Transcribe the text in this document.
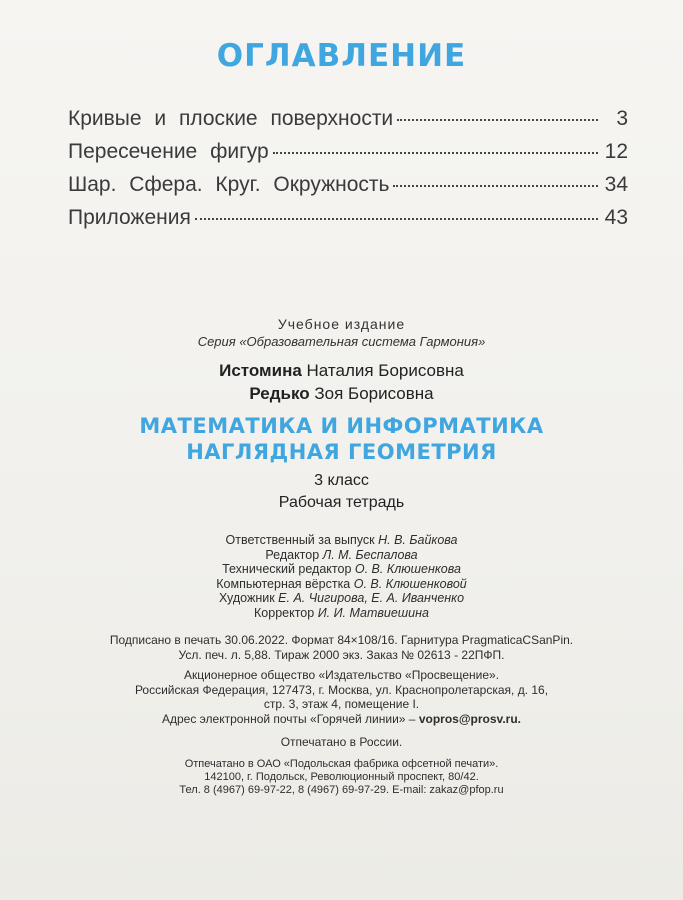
ОГЛАВЛЕНИЕ
Кривые и плоские поверхности	3
Пересечение фигур	12
Шар. Сфера. Круг. Окружность	34
Приложения	43
Учебное издание
Серия «Образовательная система Гармония»
Истомина Наталия Борисовна
Редько Зоя Борисовна
МАТЕМАТИКА И ИНФОРМАТИКА
НАГЛЯДНАЯ ГЕОМЕТРИЯ
3 класс
Рабочая тетрадь
Ответственный за выпуск Н. В. Байкова
Редактор Л. М. Беспалова
Технический редактор О. В. Клюшенкова
Компьютерная вёрстка О. В. Клюшенковой
Художник Е. А. Чигирова, Е. А. Иванченко
Корректор И. И. Матвиешина
Подписано в печать 30.06.2022. Формат 84×108/16. Гарнитура PragmaticaCSanPin.
Усл. печ. л. 5,88. Тираж 2000 экз. Заказ № 02613 - 22ПФП.
Акционерное общество «Издательство «Просвещение».
Российская Федерация, 127473, г. Москва, ул. Краснопролетарская, д. 16,
стр. 3, этаж 4, помещение I.
Адрес электронной почты «Горячей линии» – vopros@prosv.ru.
Отпечатано в России.
Отпечатано в ОАО «Подольская фабрика офсетной печати».
142100, г. Подольск, Революционный проспект, 80/42.
Тел. 8 (4967) 69-97-22, 8 (4967) 69-97-29. E-mail: zakaz@pfop.ru
